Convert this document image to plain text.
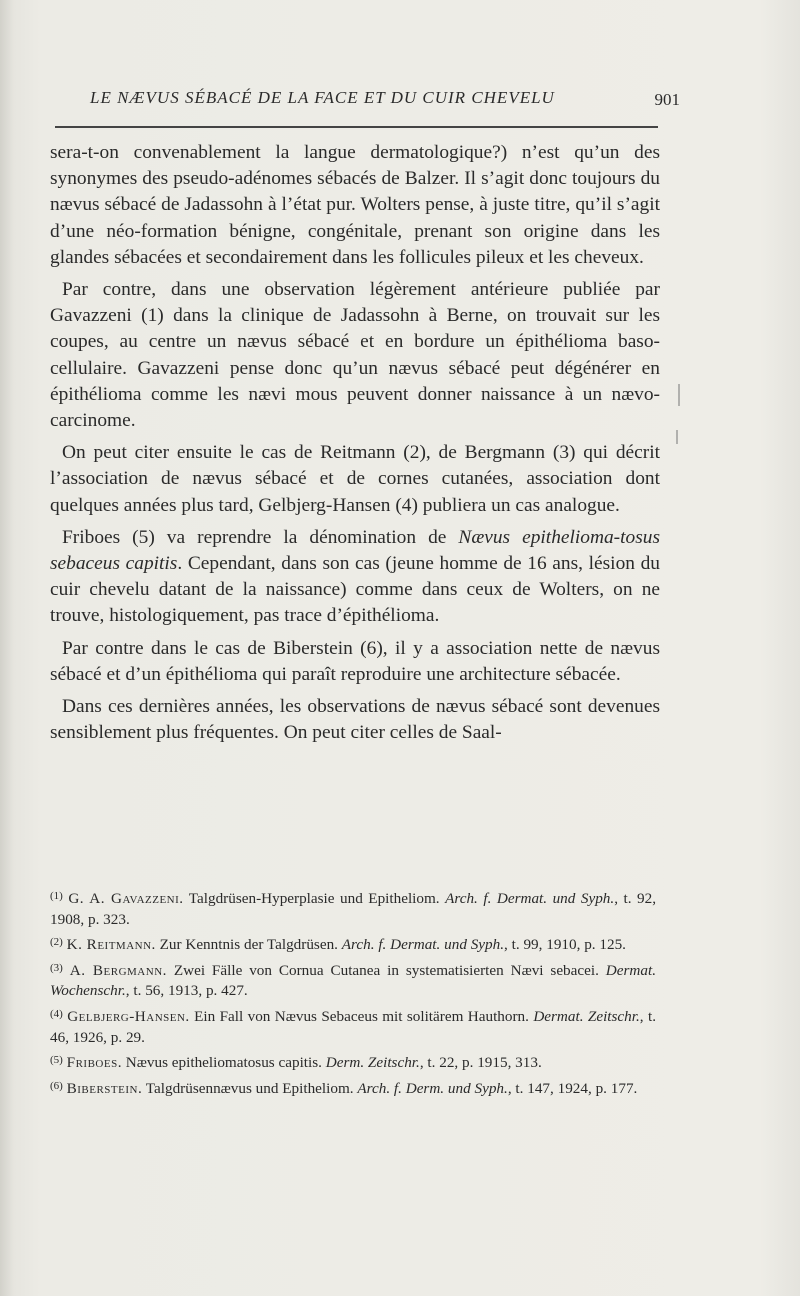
LE NÆVUS SÉBACÉ DE LA FACE ET DU CUIR CHEVELU	901

sera-t-on convenablement la langue dermatologique?) n’est qu’un des synonymes des pseudo-adénomes sébacés de Balzer. Il s’agit donc toujours du nævus sébacé de Jadassohn à l’état pur. Wolters pense, à juste titre, qu’il s’agit d’une néo-formation bénigne, congénitale, prenant son origine dans les glandes sébacées et secondairement dans les follicules pileux et les cheveux.

Par contre, dans une observation légèrement antérieure publiée par Gavazzeni (1) dans la clinique de Jadassohn à Berne, on trouvait sur les coupes, au centre un nævus sébacé et en bordure un épithélioma baso-cellulaire. Gavazzeni pense donc qu’un nævus sébacé peut dégénérer en épithélioma comme les nævi mous peuvent donner naissance à un nævo-carcinome.

On peut citer ensuite le cas de Reitmann (2), de Bergmann (3) qui décrit l’association de nævus sébacé et de cornes cutanées, association dont quelques années plus tard, Gelbjerg-Hansen (4) publiera un cas analogue.

Friboes (5) va reprendre la dénomination de Nævus epithelioma-tosus sebaceus capitis. Cependant, dans son cas (jeune homme de 16 ans, lésion du cuir chevelu datant de la naissance) comme dans ceux de Wolters, on ne trouve, histologiquement, pas trace d’épithélioma.

Par contre dans le cas de Biberstein (6), il y a association nette de nævus sébacé et d’un épithélioma qui paraît reproduire une architecture sébacée.

Dans ces dernières années, les observations de nævus sébacé sont devenues sensiblement plus fréquentes. On peut citer celles de Saal-

$^{(1)}$ G. A. Gavazzeni. Talgdrüsen-Hyperplasie und Epitheliom. Arch. f. Dermat. und Syph., t. 92, 1908, p. 323.

$^{(2)}$ K. Reitmann. Zur Kenntnis der Talgdrüsen. Arch. f. Dermat. und Syph., t. 99, 1910, p. 125.

$^{(3)}$ A. Bergmann. Zwei Fälle von Cornua Cutanea in systematisierten Nævi sebacei. Dermat. Wochenschr., t. 56, 1913, p. 427.

$^{(4)}$ Gelbjerg-Hansen. Ein Fall von Nævus Sebaceus mit solitärem Hauthorn. Dermat. Zeitschr., t. 46, 1926, p. 29.

$^{(5)}$ Friboes. Nævus epitheliomatosus capitis. Derm. Zeitschr., t. 22, p. 1915, 313.

$^{(6)}$ Biberstein. Talgdrüsennævus und Epitheliom. Arch. f. Derm. und Syph., t. 147, 1924, p. 177.
